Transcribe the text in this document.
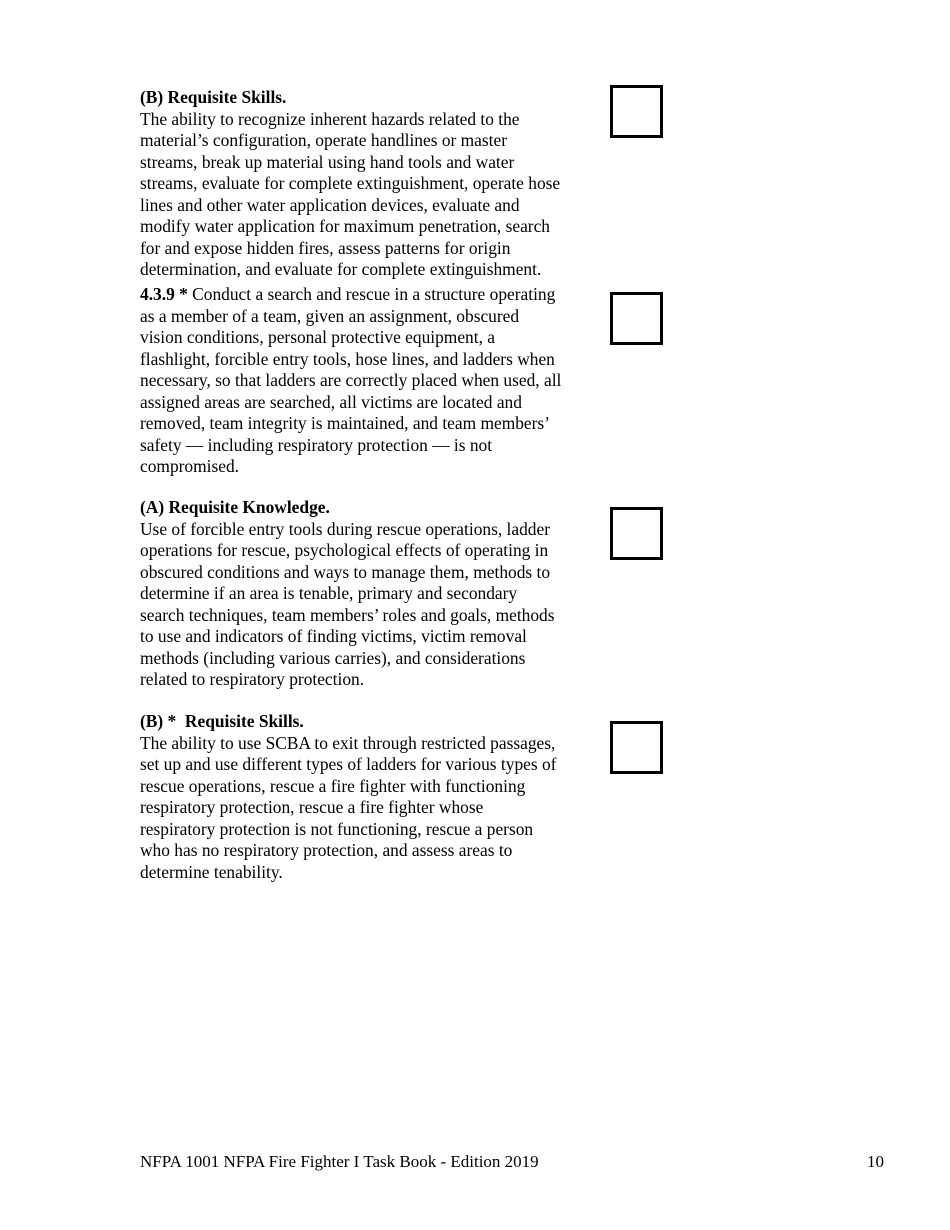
(B) Requisite Skills.
The ability to recognize inherent hazards related to the
material’s configuration, operate handlines or master
streams, break up material using hand tools and water
streams, evaluate for complete extinguishment, operate hose
lines and other water application devices, evaluate and
modify water application for maximum penetration, search
for and expose hidden fires, assess patterns for origin
determination, and evaluate for complete extinguishment.
4.3.9 * Conduct a search and rescue in a structure operating
as a member of a team, given an assignment, obscured
vision conditions, personal protective equipment, a
flashlight, forcible entry tools, hose lines, and ladders when
necessary, so that ladders are correctly placed when used, all
assigned areas are searched, all victims are located and
removed, team integrity is maintained, and team members’
safety — including respiratory protection — is not
compromised.
(A) Requisite Knowledge.
Use of forcible entry tools during rescue operations, ladder
operations for rescue, psychological effects of operating in
obscured conditions and ways to manage them, methods to
determine if an area is tenable, primary and secondary
search techniques, team members’ roles and goals, methods
to use and indicators of finding victims, victim removal
methods (including various carries), and considerations
related to respiratory protection.
(B) *  Requisite Skills.
The ability to use SCBA to exit through restricted passages,
set up and use different types of ladders for various types of
rescue operations, rescue a fire fighter with functioning
respiratory protection, rescue a fire fighter whose
respiratory protection is not functioning, rescue a person
who has no respiratory protection, and assess areas to
determine tenability.
NFPA 1001 NFPA Fire Fighter I Task Book - Edition 2019	10
